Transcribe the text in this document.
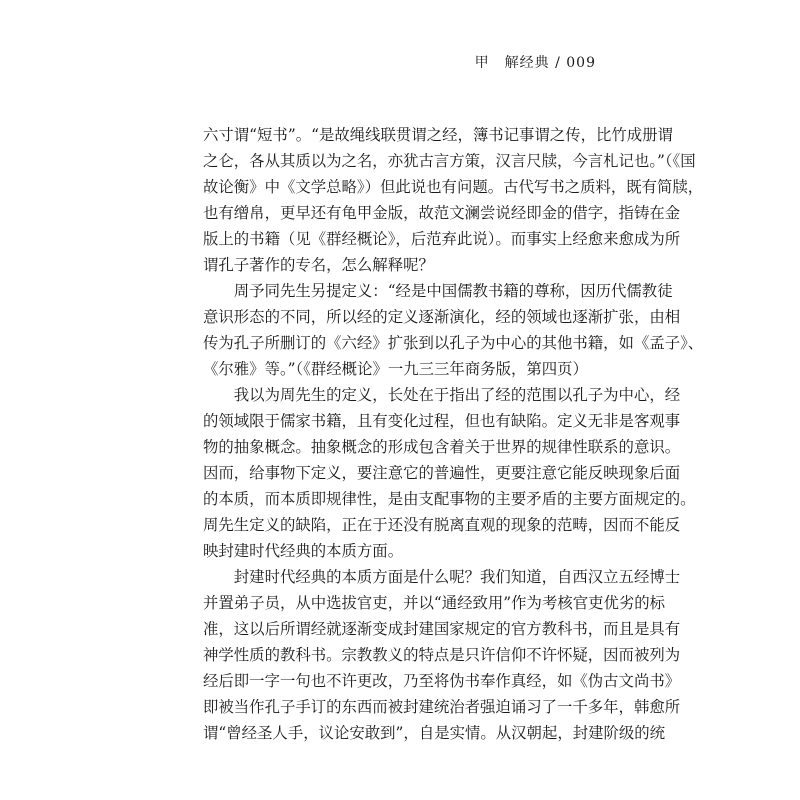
甲　解经典 / 009
六寸谓“短书”。“是故绳线联贯谓之经，簿书记事谓之传，比竹成册谓
之仑，各从其质以为之名，亦犹古言方策，汉言尺牍，今言札记也。”（《国
故论衡》中《文学总略》）但此说也有问题。古代写书之质料，既有简牍，
也有缯帛，更早还有龟甲金版，故范文澜尝说经即金的借字，指铸在金
版上的书籍（见《群经概论》，后范弃此说）。而事实上经愈来愈成为所
谓孔子著作的专名，怎么解释呢？
　　周予同先生另提定义：“经是中国儒教书籍的尊称，因历代儒教徒
意识形态的不同，所以经的定义逐渐演化，经的领域也逐渐扩张，由相
传为孔子所删订的《六经》扩张到以孔子为中心的其他书籍，如《孟子》、
《尔雅》等。”（《群经概论》一九三三年商务版，第四页）
　　我以为周先生的定义，长处在于指出了经的范围以孔子为中心，经
的领域限于儒家书籍，且有变化过程，但也有缺陷。定义无非是客观事
物的抽象概念。抽象概念的形成包含着关于世界的规律性联系的意识。
因而，给事物下定义，要注意它的普遍性，更要注意它能反映现象后面
的本质，而本质即规律性，是由支配事物的主要矛盾的主要方面规定的。
周先生定义的缺陷，正在于还没有脱离直观的现象的范畴，因而不能反
映封建时代经典的本质方面。
　　封建时代经典的本质方面是什么呢？我们知道，自西汉立五经博士
并置弟子员，从中选拔官吏，并以“通经致用”作为考核官吏优劣的标
准，这以后所谓经就逐渐变成封建国家规定的官方教科书，而且是具有
神学性质的教科书。宗教教义的特点是只许信仰不许怀疑，因而被列为
经后即一字一句也不许更改，乃至将伪书奉作真经，如《伪古文尚书》
即被当作孔子手订的东西而被封建统治者强迫诵习了一千多年，韩愈所
谓“曾经圣人手，议论安敢到”，自是实情。从汉朝起，封建阶级的统
